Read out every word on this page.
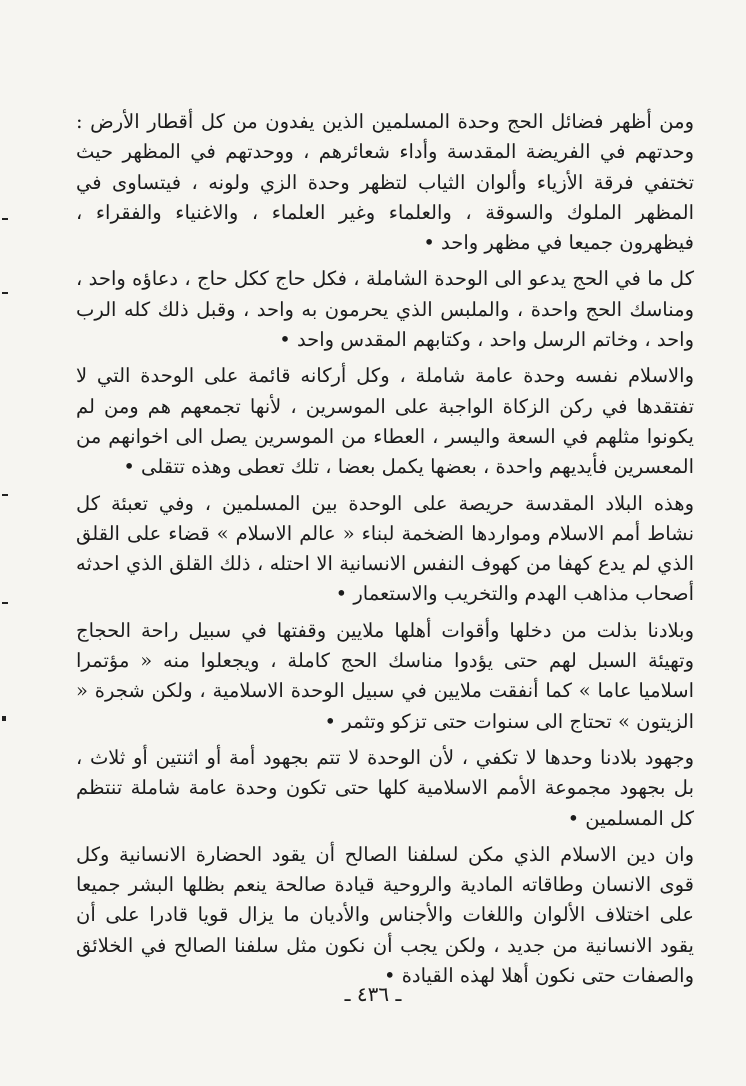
ومن أظهر فضائل الحج وحدة المسلمين الذين يفدون من كل أقطار الأرض : وحدتهم في الفريضة المقدسة وأداء شعائرهم ، ووحدتهم في المظهر حيث تختفي فرقة الأزياء وألوان الثياب لتظهر وحدة الزي ولونه ، فيتساوى في المظهر الملوك والسوقة ، والعلماء وغير العلماء ، والاغنياء والفقراء ، فيظهرون جميعا في مظهر واحد •

كل ما في الحج يدعو الى الوحدة الشاملة ، فكل حاج ككل حاج ، دعاؤه واحد ، ومناسك الحج واحدة ، والملبس الذي يحرمون به واحد ، وقبل ذلك كله الرب واحد ، وخاتم الرسل واحد ، وكتابهم المقدس واحد •

والاسلام نفسه وحدة عامة شاملة ، وكل أركانه قائمة على الوحدة التي لا تفتقدها في ركن الزكاة الواجبة على الموسرين ، لأنها تجمعهم هم ومن لم يكونوا مثلهم في السعة واليسر ، العطاء من الموسرين يصل الى اخوانهم من المعسرين فأيديهم واحدة ، بعضها يكمل بعضا ، تلك تعطى وهذه تتقلى •

وهذه البلاد المقدسة حريصة على الوحدة بين المسلمين ، وفي تعبئة كل نشاط أمم الاسلام ومواردها الضخمة لبناء « عالم الاسلام » قضاء على القلق الذي لم يدع كهفا من كهوف النفس الانسانية الا احتله ، ذلك القلق الذي احدثه أصحاب مذاهب الهدم والتخريب والاستعمار •

وبلادنا بذلت من دخلها وأقوات أهلها ملايين وقفتها في سبيل راحة الحجاج وتهيئة السبل لهم حتى يؤدوا مناسك الحج كاملة ، ويجعلوا منه « مؤتمرا اسلاميا عاما » كما أنفقت ملايين في سبيل الوحدة الاسلامية ، ولكن شجرة « الزيتون » تحتاج الى سنوات حتى تزكو وتثمر •

وجهود بلادنا وحدها لا تكفي ، لأن الوحدة لا تتم بجهود أمة أو اثنتين أو ثلاث ، بل بجهود مجموعة الأمم الاسلامية كلها حتى تكون وحدة عامة شاملة تنتظم كل المسلمين •

وان دين الاسلام الذي مكن لسلفنا الصالح أن يقود الحضارة الانسانية وكل قوى الانسان وطاقاته المادية والروحية قيادة صالحة ينعم بظلها البشر جميعا على اختلاف الألوان واللغات والأجناس والأديان ما يزال قويا قادرا على أن يقود الانسانية من جديد ، ولكن يجب أن نكون مثل سلفنا الصالح في الخلائق والصفات حتى نكون أهلا لهذه القيادة •

ـ ٤٣٦ ـ
